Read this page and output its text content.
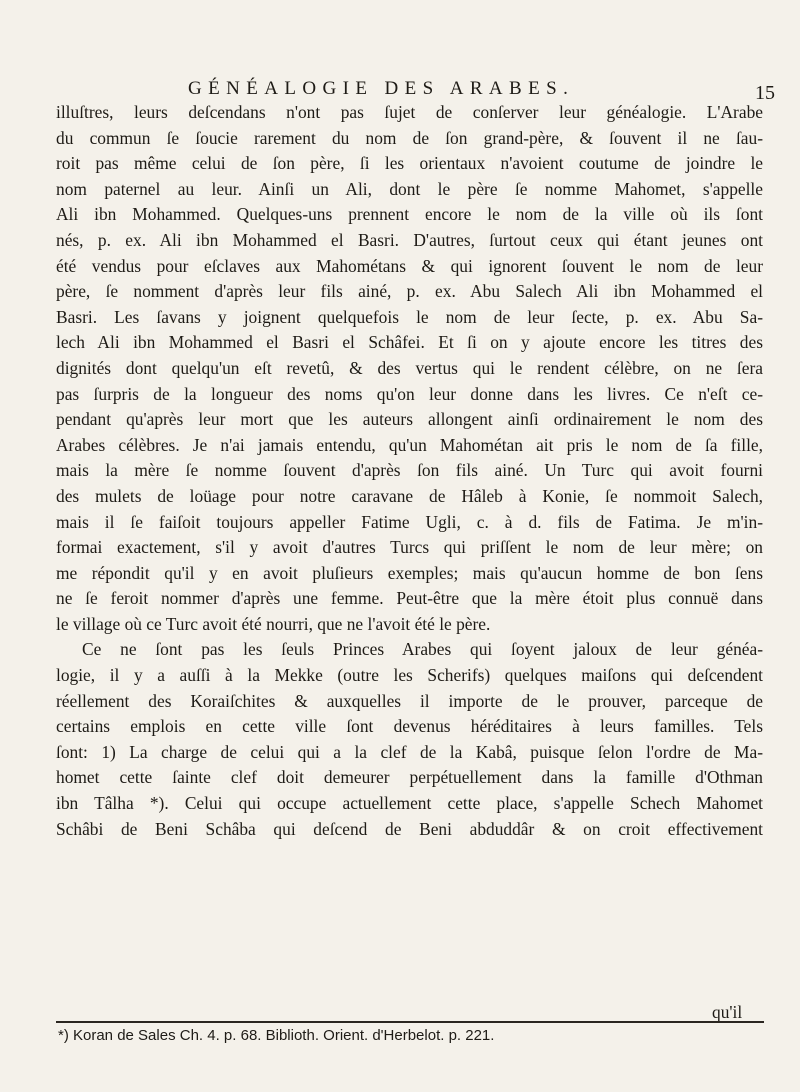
GÉNÉALOGIE DES ARABES.	15
illuſtres, leurs deſcendans n'ont pas ſujet de conſerver leur généalogie. L'Arabe
du commun ſe ſoucie rarement du nom de ſon grand-père, & ſouvent il ne ſau-
roit pas même celui de ſon père, ſi les orientaux n'avoient coutume de joindre le
nom paternel au leur. Ainſi un Ali, dont le père ſe nomme Mahomet, s'appelle
Ali ibn Mohammed. Quelques-uns prennent encore le nom de la ville où ils ſont
nés, p. ex. Ali ibn Mohammed el Basri. D'autres, ſurtout ceux qui étant jeunes ont
été vendus pour eſclaves aux Mahométans & qui ignorent ſouvent le nom de leur
père, ſe nomment d'après leur fils ainé, p. ex. Abu Salech Ali ibn Mohammed el
Basri. Les ſavans y joignent quelquefois le nom de leur ſecte, p. ex. Abu Sa-
lech Ali ibn Mohammed el Basri el Schâfei. Et ſi on y ajoute encore les titres des
dignités dont quelqu'un eſt revetû, & des vertus qui le rendent célèbre, on ne ſera
pas ſurpris de la longueur des noms qu'on leur donne dans les livres. Ce n'eſt ce-
pendant qu'après leur mort que les auteurs allongent ainſi ordinairement le nom des
Arabes célèbres. Je n'ai jamais entendu, qu'un Mahométan ait pris le nom de ſa fille,
mais la mère ſe nomme ſouvent d'après ſon fils ainé. Un Turc qui avoit fourni
des mulets de loüage pour notre caravane de Hâleb à Konie, ſe nommoit Salech,
mais il ſe faiſoit toujours appeller Fatime Ugli, c. à d. fils de Fatima. Je m'in-
formai exactement, s'il y avoit d'autres Turcs qui priſſent le nom de leur mère; on
me répondit qu'il y en avoit pluſieurs exemples; mais qu'aucun homme de bon ſens
ne ſe feroit nommer d'après une femme. Peut-être que la mère étoit plus connuë dans
le village où ce Turc avoit été nourri, que ne l'avoit été le père.
Ce ne ſont pas les ſeuls Princes Arabes qui ſoyent jaloux de leur généa-
logie, il y a auſſi à la Mekke (outre les Scherifs) quelques maiſons qui deſcendent
réellement des Koraiſchites & auxquelles il importe de le prouver, parceque de
certains emplois en cette ville ſont devenus héréditaires à leurs familles. Tels
ſont: 1) La charge de celui qui a la clef de la Kabâ, puisque ſelon l'ordre de Ma-
homet cette ſainte clef doit demeurer perpétuellement dans la famille d'Othman
ibn Tâlha *). Celui qui occupe actuellement cette place, s'appelle Schech Mahomet
Schâbi de Beni Schâba qui deſcend de Beni abduddâr & on croit effectivement
qu'il
*) Koran de Sales Ch. 4. p. 68. Biblioth. Orient. d'Herbelot. p. 221.
